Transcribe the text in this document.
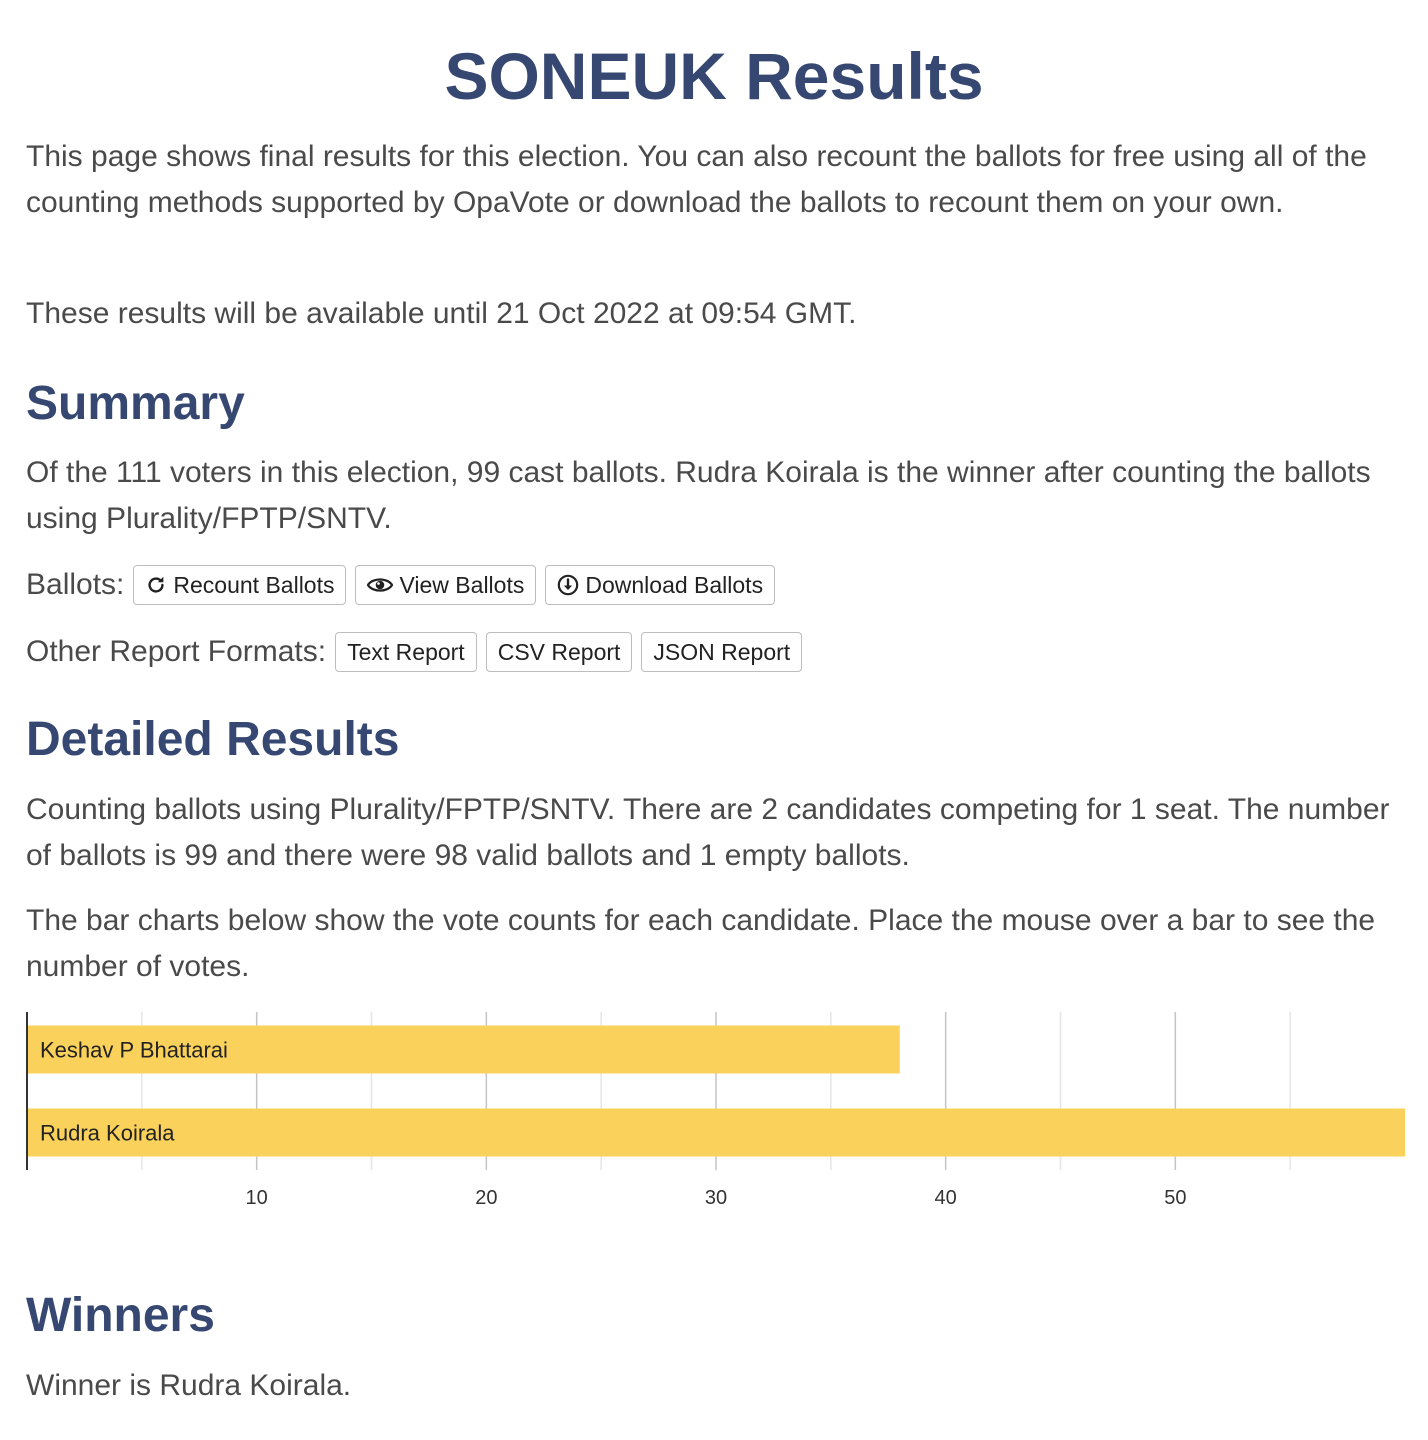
SONEUK Results

This page shows final results for this election. You can also recount the ballots for free using all of the counting methods supported by OpaVote or download the ballots to recount them on your own.

These results will be available until 21 Oct 2022 at 09:54 GMT.

Summary

Of the 111 voters in this election, 99 cast ballots. Rudra Koirala is the winner after counting the ballots using Plurality/FPTP/SNTV.

Ballots: Recount Ballots	View Ballots	Download Ballots
Other Report Formats: Text Report	CSV Report	JSON Report
Detailed Results

Counting ballots using Plurality/FPTP/SNTV. There are 2 candidates competing for 1 seat. The number of ballots is 99 and there were 98 valid ballots and 1 empty ballots.

The bar charts below show the vote counts for each candidate. Place the mouse over a bar to see the number of votes.

10	20	30	40	50
Keshav P Bhattarai
Rudra Koirala
Winners

Winner is Rudra Koirala.
